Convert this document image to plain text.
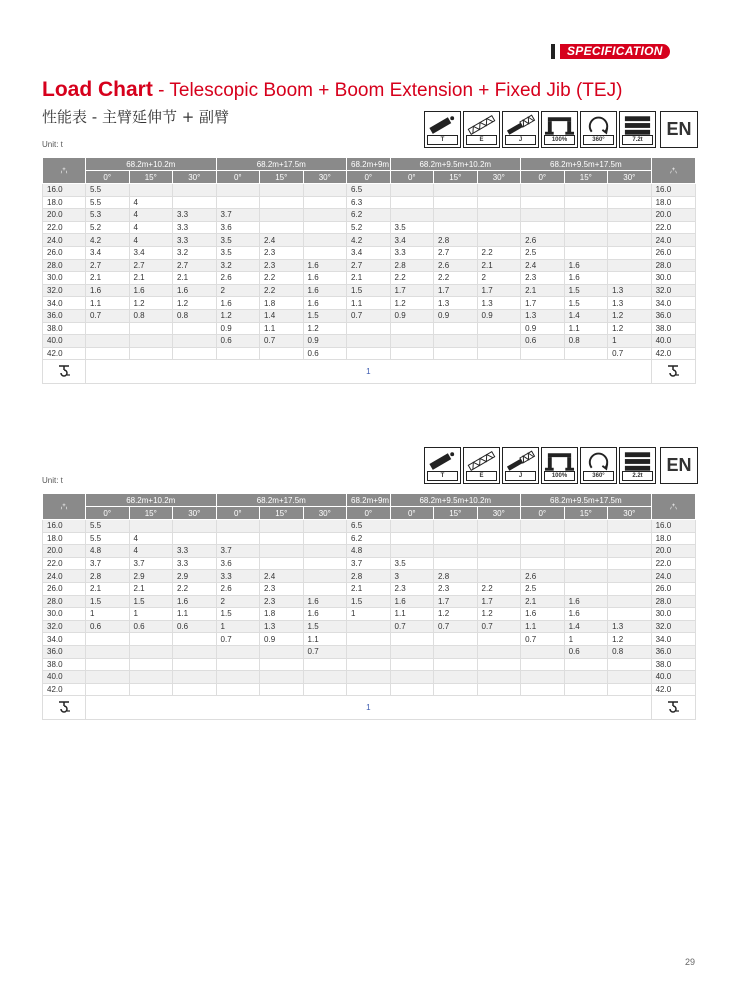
SPECIFICATION
Load Chart - Telescopic Boom + Boom Extension + Fixed Jib (TEJ)
性能表 - 主臂延伸节 + 副臂
T	E	J	100%	360°	7.2t
EN
T	E	J	100%	360°	2.2t
EN
Unit: t
Unit: t
	68.2m+10.2m			68.2m+17.5m			68.2m+9m	68.2m+9.5m+10.2m			68.2m+9.5m+17.5m	
	0°	15°	30°	0°	15°	30°	0°	0°	15°	30°	0°	15°	30°	
16.0	5.5						6.5							16.0
18.0	5.5	4					6.3							18.0
20.0	5.3	4	3.3	3.7			6.2							20.0
22.0	5.2	4	3.3	3.6			5.2	3.5						22.0
24.0	4.2	4	3.3	3.5	2.4		4.2	3.4	2.8		2.6			24.0
26.0	3.4	3.4	3.2	3.5	2.3		3.4	3.3	2.7	2.2	2.5			26.0
28.0	2.7	2.7	2.7	3.2	2.3	1.6	2.7	2.8	2.6	2.1	2.4	1.6		28.0
30.0	2.1	2.1	2.1	2.6	2.2	1.6	2.1	2.2	2.2	2	2.3	1.6		30.0
32.0	1.6	1.6	1.6	2	2.2	1.6	1.5	1.7	1.7	1.7	2.1	1.5	1.3	32.0
34.0	1.1	1.2	1.2	1.6	1.8	1.6	1.1	1.2	1.3	1.3	1.7	1.5	1.3	34.0
36.0	0.7	0.8	0.8	1.2	1.4	1.5	0.7	0.9	0.9	0.9	1.3	1.4	1.2	36.0
38.0				0.9	1.1	1.2					0.9	1.1	1.2	38.0
40.0				0.6	0.7	0.9					0.6	0.8	1	40.0
42.0						0.6							0.7	42.0
	1	
	68.2m+10.2m			68.2m+17.5m			68.2m+9m	68.2m+9.5m+10.2m			68.2m+9.5m+17.5m	
	0°	15°	30°	0°	15°	30°	0°	0°	15°	30°	0°	15°	30°	
16.0	5.5						6.5							16.0
18.0	5.5	4					6.2							18.0
20.0	4.8	4	3.3	3.7			4.8							20.0
22.0	3.7	3.7	3.3	3.6			3.7	3.5						22.0
24.0	2.8	2.9	2.9	3.3	2.4		2.8	3	2.8		2.6			24.0
26.0	2.1	2.1	2.2	2.6	2.3		2.1	2.3	2.3	2.2	2.5			26.0
28.0	1.5	1.5	1.6	2	2.3	1.6	1.5	1.6	1.7	1.7	2.1	1.6		28.0
30.0	1	1	1.1	1.5	1.8	1.6	1	1.1	1.2	1.2	1.6	1.6		30.0
32.0	0.6	0.6	0.6	1	1.3	1.5		0.7	0.7	0.7	1.1	1.4	1.3	32.0
34.0				0.7	0.9	1.1					0.7	1	1.2	34.0
36.0						0.7						0.6	0.8	36.0
38.0														38.0
40.0														40.0
42.0														42.0
	1	
29
